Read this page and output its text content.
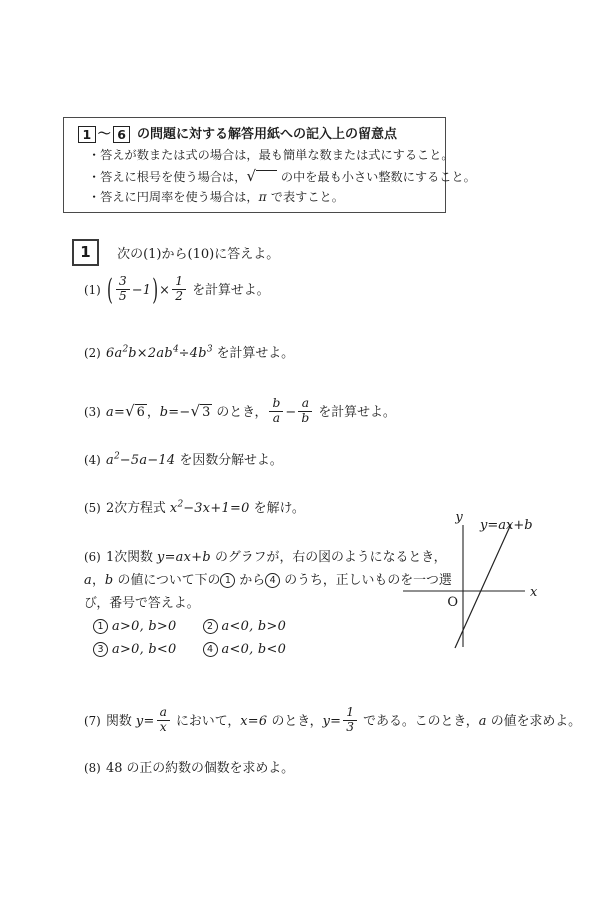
1 ～ 6 の問題に対する解答用紙への記入上の留意点
・答えが数または式の場合は，最も簡単な数または式にすること。
・答えに根号を使う場合は，√ の中を最も小さい整数にすること。
・答えに円周率を使う場合は，π で表すこと。
1 次の(1)から(10)に答えよ。
(1) ( $\frac{3}{5} -1)\times \frac{1}{2}$ を計算せよ。
(2) $6a^2b\times 2ab^4\div 4b^3$ を計算せよ。
(3) a=√ 6 ，b=−√ 3 のとき， $\frac{b}{a} - \frac{a}{b}$ を計算せよ。
(4) $a^2-5a-14$ を因数分解せよ。
(5) 2次方程式 $x^2-3x+1=0$ を解け。
(6) 1次関数 y=ax+b のグラフが，右の図のようになるとき，
a，b の値について下の 1 から 4 のうち，正しいものを一つ選
び，番号で答えよ。
1 a>0, b>0	2 a<0, b>0
3 a>0, b<0	4 a<0, b<0
y
x
O
y=ax+b
(7) 関数 $y= \frac{a}{x}$ において，x=6 のとき，$y= \frac{1}{3}$ である。このとき，a の値を求めよ。
(8) 48 の正の約数の個数を求めよ。
